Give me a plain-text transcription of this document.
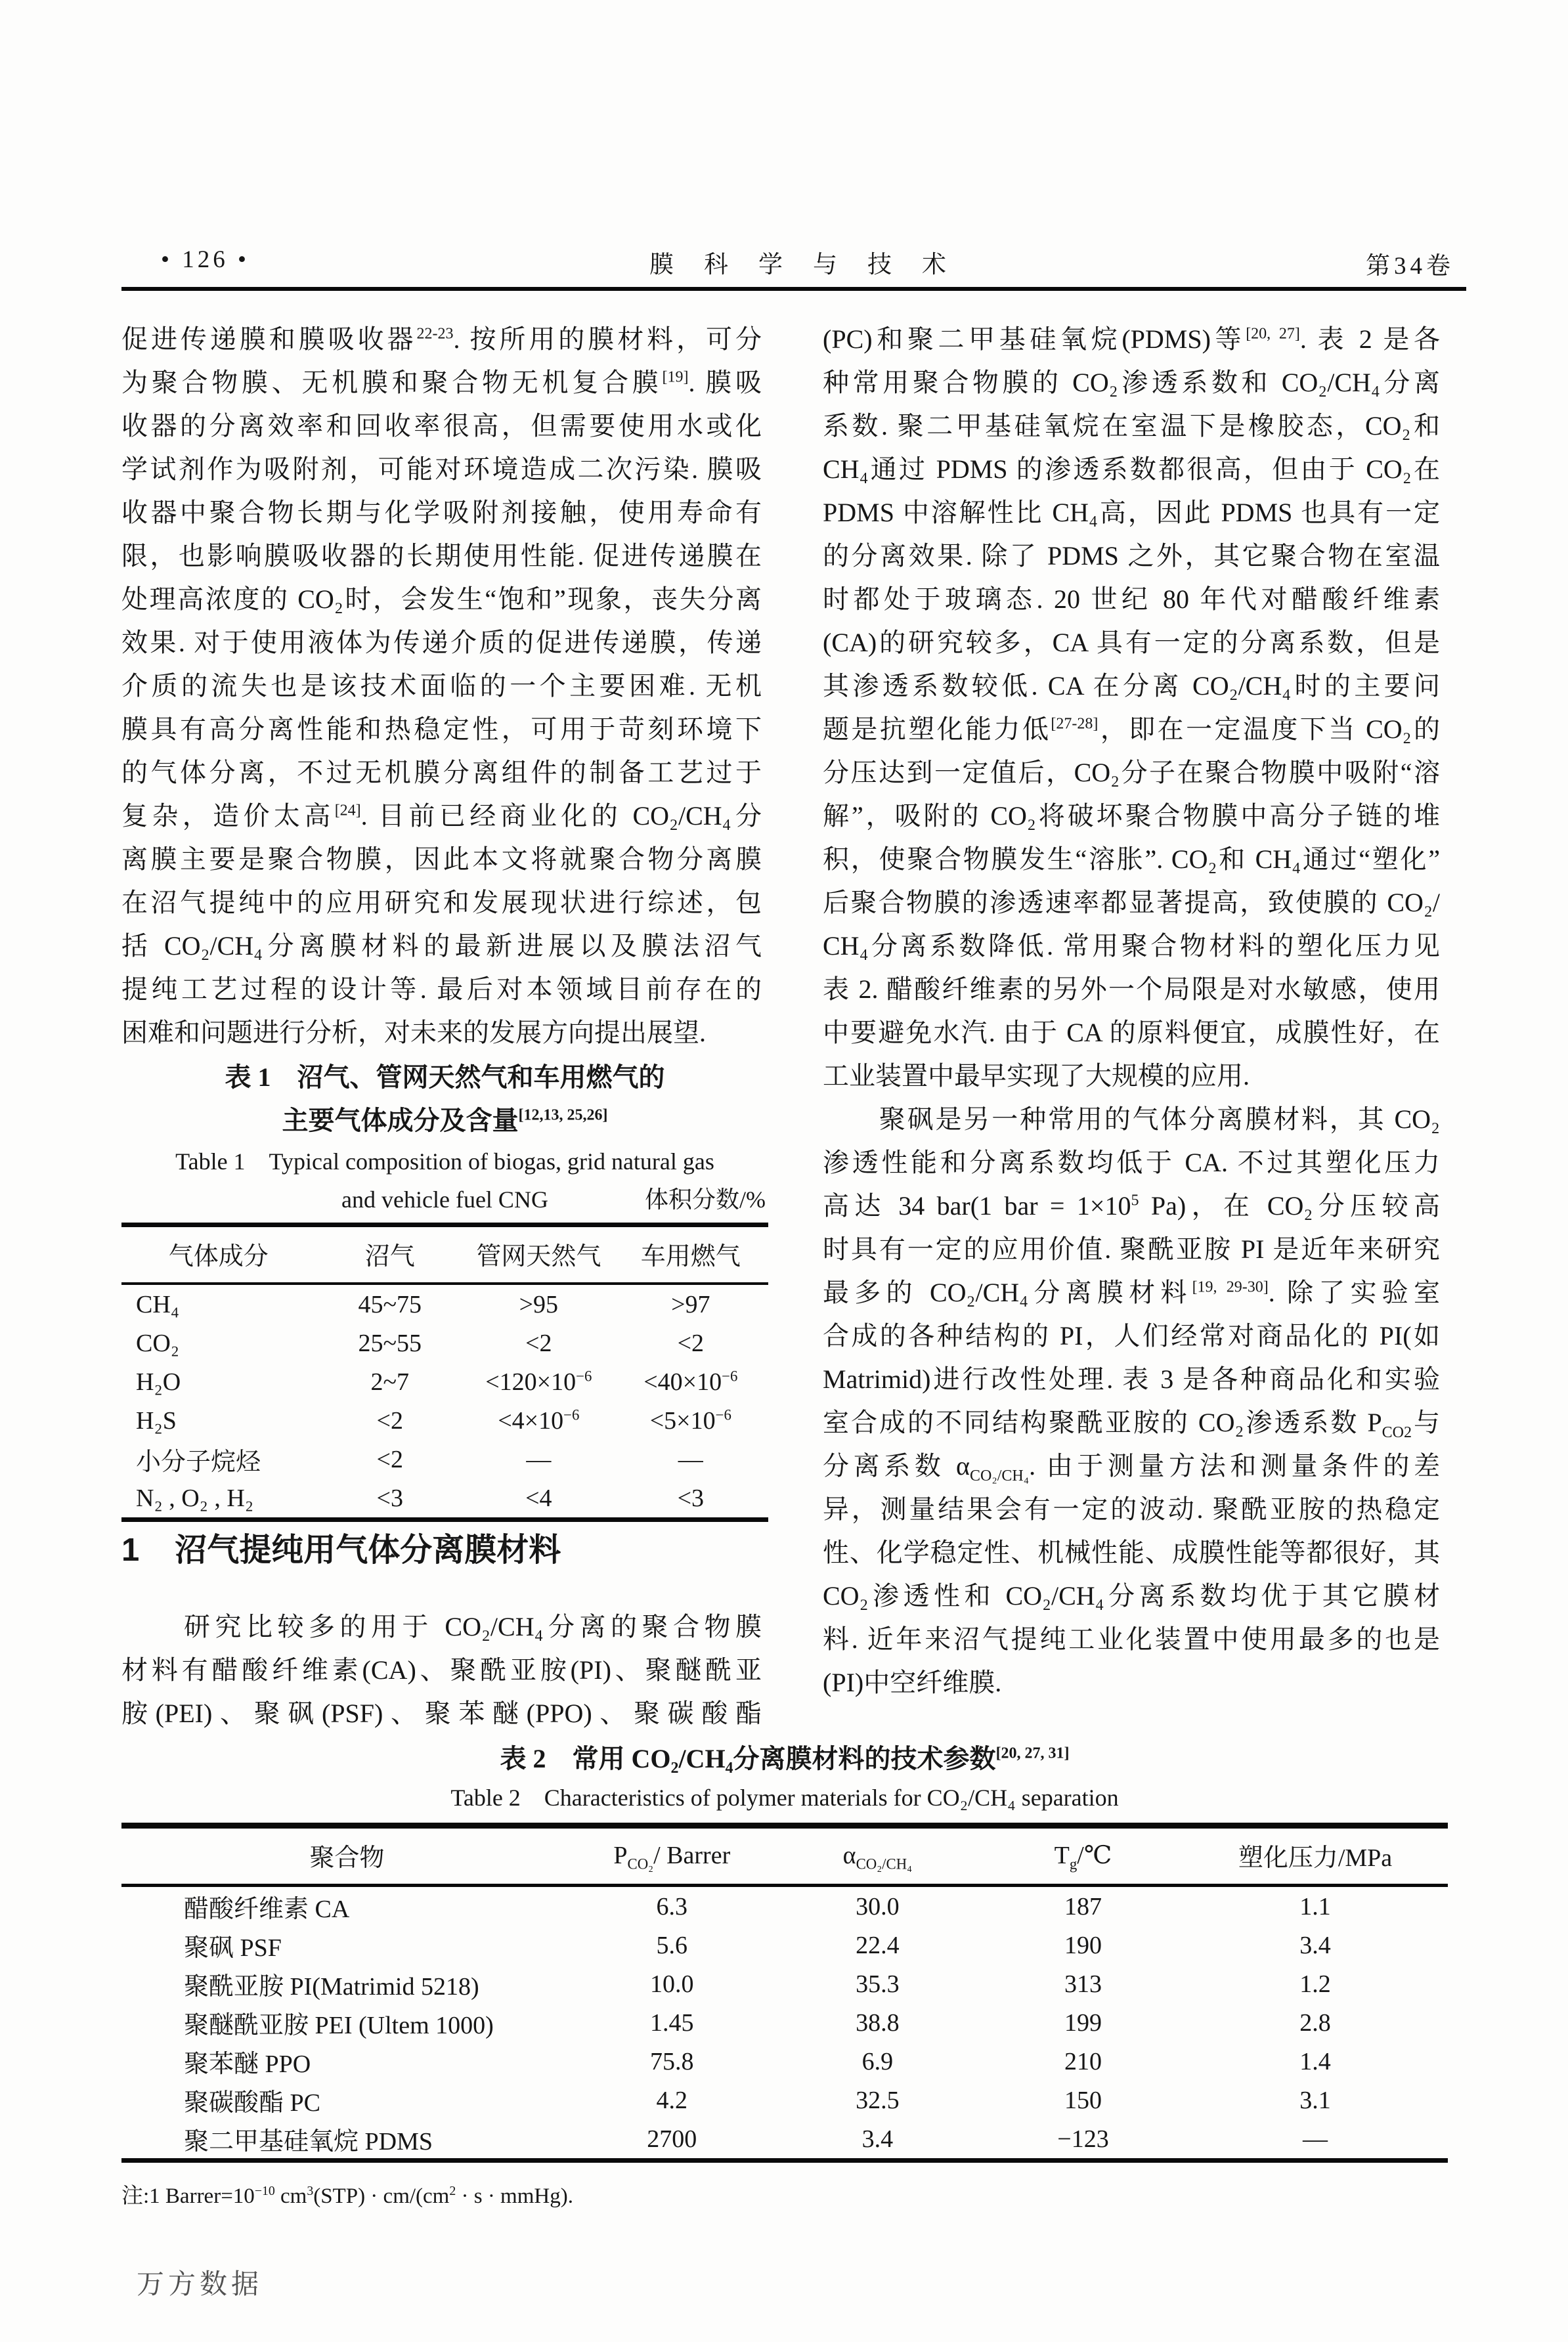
• 126 •	膜科学与技术	第34卷
促进传递膜和膜吸收器$^{22-23}$. 按所用的膜材料，可分
为聚合物膜、无机膜和聚合物无机复合膜[19]. 膜吸
收器的分离效率和回收率很高，但需要使用水或化
学试剂作为吸附剂，可能对环境造成二次污染. 膜吸
收器中聚合物长期与化学吸附剂接触，使用寿命有
限，也影响膜吸收器的长期使用性能. 促进传递膜在
处理高浓度的 CO₂时，会发生“饱和”现象，丧失分离
效果. 对于使用液体为传递介质的促进传递膜，传递
介质的流失也是该技术面临的一个主要困难. 无机
膜具有高分离性能和热稳定性，可用于苛刻环境下
的气体分离，不过无机膜分离组件的制备工艺过于
复杂，造价太高[24]. 目前已经商业化的 CO₂/CH₄分
离膜主要是聚合物膜，因此本文将就聚合物分离膜
在沼气提纯中的应用研究和发展现状进行综述，包
括 CO₂/CH₄分离膜材料的最新进展以及膜法沼气
提纯工艺过程的设计等. 最后对本领域目前存在的
困难和问题进行分析，对未来的发展方向提出展望.
表 1　沼气、管网天然气和车用燃气的
主要气体成分及含量[12,13, 25,26]
Table 1　Typical composition of biogas, grid natural gas
and vehicle fuel CNG	体积分数/%
气体成分	沼气	管网天然气	车用燃气
CH₄	45~75	>95	>97
CO₂	25~55	<2	<2
H₂O	2~7	$<120\times 10^{-6}$	$<40\times 10^{-6}$
H₂S	<2	$<4\times 10^{-6}$	$<5\times 10^{-6}$
小分子烷烃	<2	—	—
N₂ , O₂ , H₂	<3	<4	<3
1 沼气提纯用气体分离膜材料
　　研究比较多的用于 CO₂/CH₄分离的聚合物膜
材料有醋酸纤维素(CA)、聚酰亚胺(PI)、聚醚酰亚
胺(PEI)、聚砜(PSF)、聚苯醚(PPO)、聚碳酸酯
(PC)和聚二甲基硅氧烷(PDMS)等[20, 27]. 表 2 是各
种常用聚合物膜的 CO₂渗透系数和 CO₂/CH₄分离
系数. 聚二甲基硅氧烷在室温下是橡胶态，CO₂和
CH₄通过 PDMS 的渗透系数都很高，但由于 CO₂在
PDMS 中溶解性比 CH₄高，因此 PDMS 也具有一定
的分离效果. 除了 PDMS 之外，其它聚合物在室温
时都处于玻璃态. 20 世纪 80 年代对醋酸纤维素
(CA)的研究较多，CA 具有一定的分离系数，但是
其渗透系数较低. CA 在分离 CO₂/CH₄时的主要问
题是抗塑化能力低[27-28]，即在一定温度下当 CO₂的
分压达到一定值后，CO₂分子在聚合物膜中吸附“溶
解”，吸附的 CO₂将破坏聚合物膜中高分子链的堆
积，使聚合物膜发生“溶胀”. CO₂和 CH₄通过“塑化”
后聚合物膜的渗透速率都显著提高，致使膜的 CO₂/
CH₄分离系数降低. 常用聚合物材料的塑化压力见
表 2. 醋酸纤维素的另外一个局限是对水敏感，使用
中要避免水汽. 由于 CA 的原料便宜，成膜性好，在
工业装置中最早实现了大规模的应用.
　　聚砜是另一种常用的气体分离膜材料，其 CO₂
渗透性能和分离系数均低于 CA. 不过其塑化压力
高达 34 bar(1 bar = $1\times 10^5$ Pa)，在 CO₂分压较高
时具有一定的应用价值. 聚酰亚胺 PI 是近年来研究
最多的 CO₂/CH₄分离膜材料[19, 29-30]. 除了实验室
合成的各种结构的 PI，人们经常对商品化的 PI(如
Matrimid)进行改性处理. 表 3 是各种商品化和实验
室合成的不同结构聚酰亚胺的 CO₂渗透系数 $P_{CO2}$与
分离系数 $\alpha_{CO_2/CH_4}$. 由于测量方法和测量条件的差
异，测量结果会有一定的波动. 聚酰亚胺的热稳定
性、化学稳定性、机械性能、成膜性能等都很好，其
CO₂渗透性和 CO₂/CH₄分离系数均优于其它膜材
料. 近年来沼气提纯工业化装置中使用最多的也是
(PI)中空纤维膜.
表 2　常用 CO₂/CH₄分离膜材料的技术参数[20, 27, 31]
Table 2　Characteristics of polymer materials for CO₂/CH₄ separation
聚合物	$P_{CO_2}/$ Barrer	$\alpha_{CO_2/CH_4}$	$T_g/℃$	塑化压力/MPa
醋酸纤维素 CA	6.3	30.0	187	1.1
聚砜 PSF	5.6	22.4	190	3.4
聚酰亚胺 PI(Matrimid 5218)	10.0	35.3	313	1.2
聚醚酰亚胺 PEI (Ultem 1000)	1.45	38.8	199	2.8
聚苯醚 PPO	75.8	6.9	210	1.4
聚碳酸酯 PC	4.2	32.5	150	3.1
聚二甲基硅氧烷 PDMS	2700	3.4	−123	—
注:1 $Barrer=10^{-10}$ $cm^3(STP) \cdot cm/(cm^2 \cdot s$ · mmHg).
万方数据
